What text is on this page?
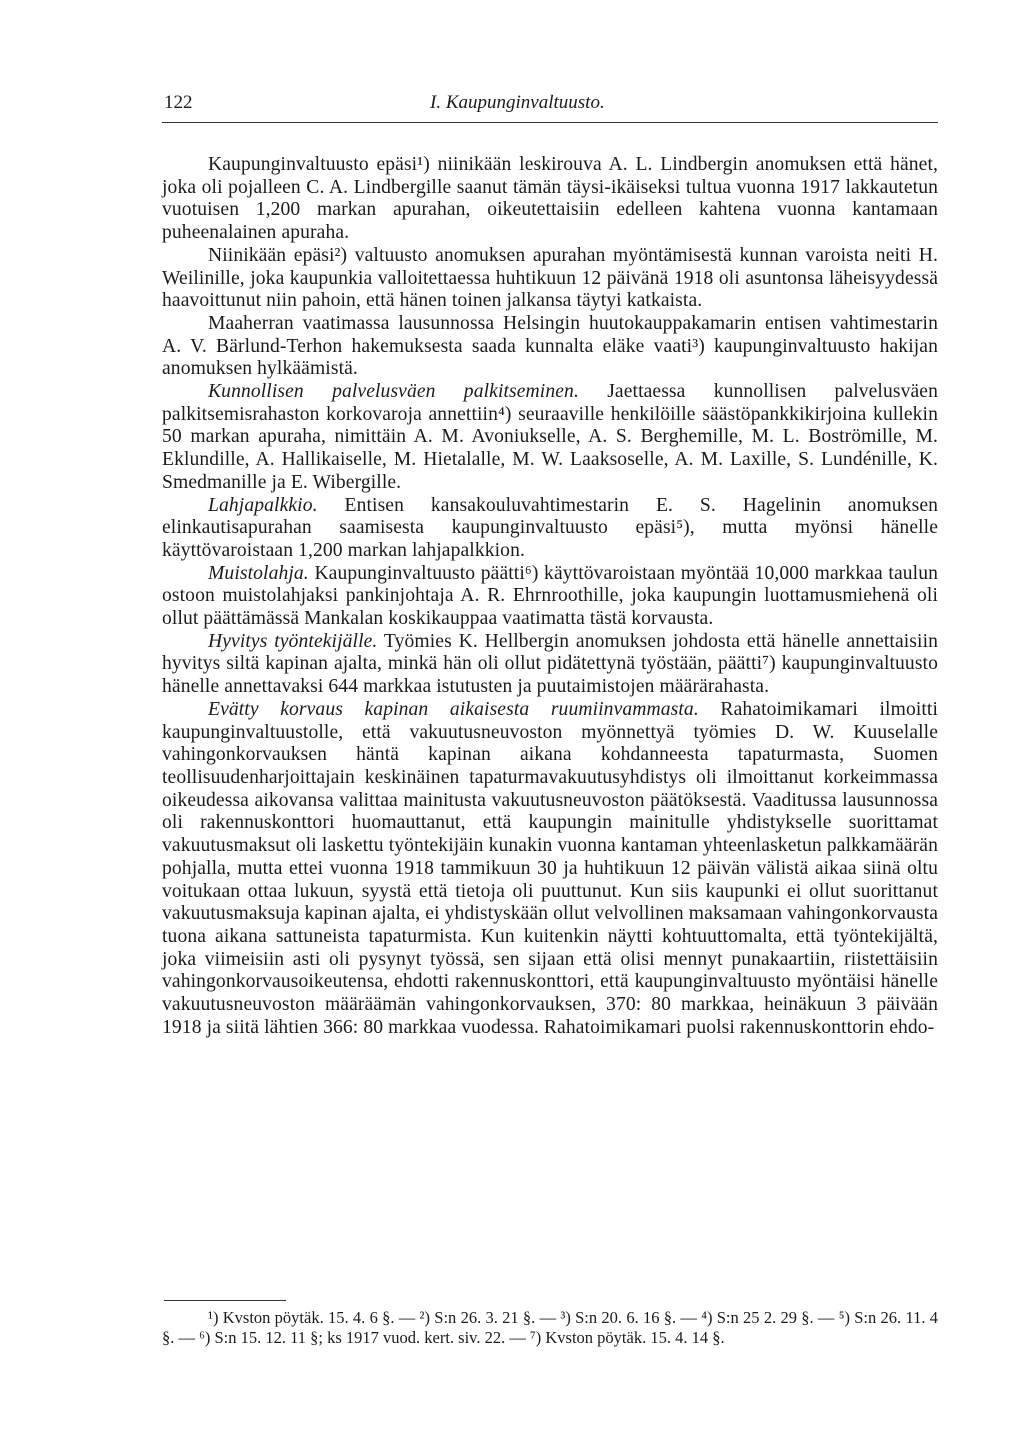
122	I. Kaupunginvaltuusto.

Kaupunginvaltuusto epäsi¹) niinikään leskirouva A. L. Lindbergin anomuksen että hänet, joka oli pojalleen C. A. Lindbergille saanut tämän täysi-ikäiseksi tultua vuonna 1917 lakkautetun vuotuisen 1,200 markan apurahan, oikeutettaisiin edelleen kahtena vuonna kantamaan puheenalainen apuraha.

Niinikään epäsi²) valtuusto anomuksen apurahan myöntämisestä kunnan varoista neiti H. Weilinille, joka kaupunkia valloitettaessa huhtikuun 12 päivänä 1918 oli asuntonsa läheisyydessä haavoittunut niin pahoin, että hänen toinen jalkansa täytyi katkaista.

Maaherran vaatimassa lausunnossa Helsingin huutokauppakamarin entisen vahtimestarin A. V. Bärlund-Terhon hakemuksesta saada kunnalta eläke vaati³) kaupunginvaltuusto hakijan anomuksen hylkäämistä.

Kunnollisen palvelusväen palkitseminen. Jaettaessa kunnollisen palvelusväen palkitsemisrahaston korkovaroja annettiin⁴) seuraaville henkilöille säästöpankkikirjoina kullekin 50 markan apuraha, nimittäin A. M. Avoniukselle, A. S. Berghemille, M. L. Boströmille, M. Eklundille, A. Hallikaiselle, M. Hietalalle, M. W. Laaksoselle, A. M. Laxille, S. Lundénille, K. Smedmanille ja E. Wibergille.

Lahjapalkkio. Entisen kansakouluvahtimestarin E. S. Hagelinin anomuksen elinkautisapurahan saamisesta kaupunginvaltuusto epäsi⁵), mutta myönsi hänelle käyttövaroistaan 1,200 markan lahjapalkkion.

Muistolahja. Kaupunginvaltuusto päätti⁶) käyttövaroistaan myöntää 10,000 markkaa taulun ostoon muistolahjaksi pankinjohtaja A. R. Ehrnroothille, joka kaupungin luottamusmiehenä oli ollut päättämässä Mankalan koskikauppaa vaatimatta tästä korvausta.

Hyvitys työntekijälle. Työmies K. Hellbergin anomuksen johdosta että hänelle annettaisiin hyvitys siltä kapinan ajalta, minkä hän oli ollut pidätettynä työstään, päätti⁷) kaupunginvaltuusto hänelle annettavaksi 644 markkaa istutusten ja puutaimistojen määrärahasta.

Evätty korvaus kapinan aikaisesta ruumiinvammasta. Rahatoimikamari ilmoitti kaupunginvaltuustolle, että vakuutusneuvoston myönnettyä työmies D. W. Kuuselalle vahingonkorvauksen häntä kapinan aikana kohdanneesta tapaturmasta, Suomen teollisuudenharjoittajain keskinäinen tapaturmavakuutusyhdistys oli ilmoittanut korkeimmassa oikeudessa aikovansa valittaa mainitusta vakuutusneuvoston päätöksestä. Vaaditussa lausunnossa oli rakennuskonttori huomauttanut, että kaupungin mainitulle yhdistykselle suorittamat vakuutusmaksut oli laskettu työntekijäin kunakin vuonna kantaman yhteenlasketun palkkamäärän pohjalla, mutta ettei vuonna 1918 tammikuun 30 ja huhtikuun 12 päivän välistä aikaa siinä oltu voitukaan ottaa lukuun, syystä että tietoja oli puuttunut. Kun siis kaupunki ei ollut suorittanut vakuutusmaksuja kapinan ajalta, ei yhdistyskään ollut velvollinen maksamaan vahingonkorvausta tuona aikana sattuneista tapaturmista. Kun kuitenkin näytti kohtuuttomalta, että työntekijältä, joka viimeisiin asti oli pysynyt työssä, sen sijaan että olisi mennyt punakaartiin, riistettäisiin vahingonkorvausoikeutensa, ehdotti rakennuskonttori, että kaupunginvaltuusto myöntäisi hänelle vakuutusneuvoston määräämän vahingonkorvauksen, 370: 80 markkaa, heinäkuun 3 päivään 1918 ja siitä lähtien 366: 80 markkaa vuodessa. Rahatoimikamari puolsi rakennuskonttorin ehdo-

¹) Kvston pöytäk. 15. 4. 6 §. — ²) S:n 26. 3. 21 §. — ³) S:n 20. 6. 16 §. — ⁴) S:n 25 2. 29 §. — ⁵) S:n 26. 11. 4 §. — ⁶) S:n 15. 12. 11 §; ks 1917 vuod. kert. siv. 22. — ⁷) Kvston pöytäk. 15. 4. 14 §.
